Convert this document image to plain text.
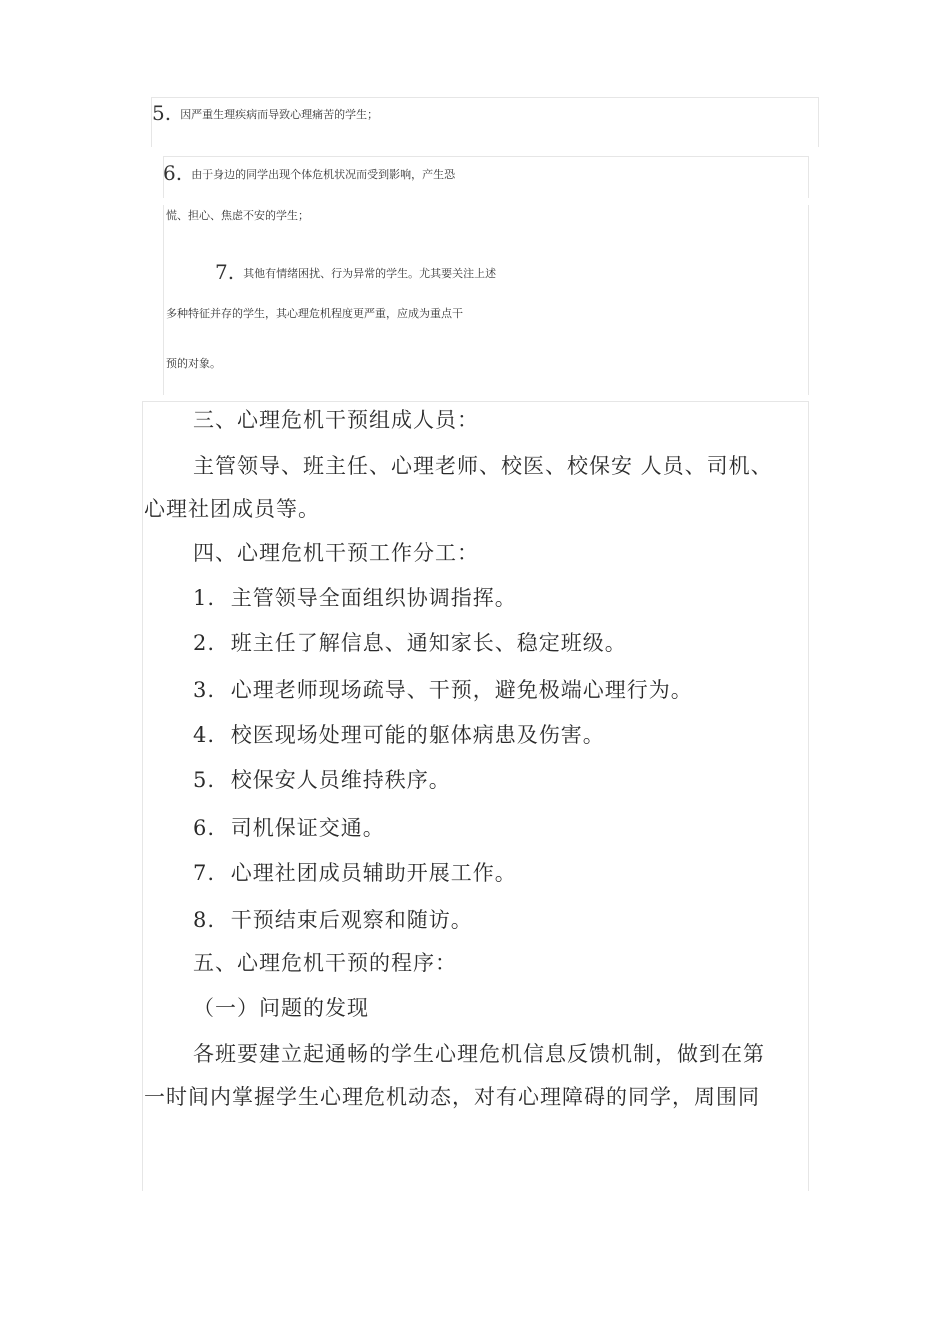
5. 因严重生理疾病而导致心理痛苦的学生；
6. 由于身边的同学出现个体危机状况而受到影响，产生恐
慌、担心、焦虑不安的学生；
7. 其他有情绪困扰、行为异常的学生。尤其要关注上述
多种特征并存的学生，其心理危机程度更严重，应成为重点干
预的对象。
三、心理危机干预组成人员：
主管领导、班主任、心理老师、校医、校保安 人员、司机、
心理社团成员等。
四、心理危机干预工作分工：
1. 主管领导全面组织协调指挥。
2. 班主任了解信息、通知家长、稳定班级。
3. 心理老师现场疏导、干预，避免极端心理行为。
4. 校医现场处理可能的躯体病患及伤害。
5. 校保安人员维持秩序。
6. 司机保证交通。
7. 心理社团成员辅助开展工作。
8. 干预结束后观察和随访。
五、心理危机干预的程序：
（一）问题的发现
各班要建立起通畅的学生心理危机信息反馈机制，做到在第
一时间内掌握学生心理危机动态，对有心理障碍的同学，周围同
